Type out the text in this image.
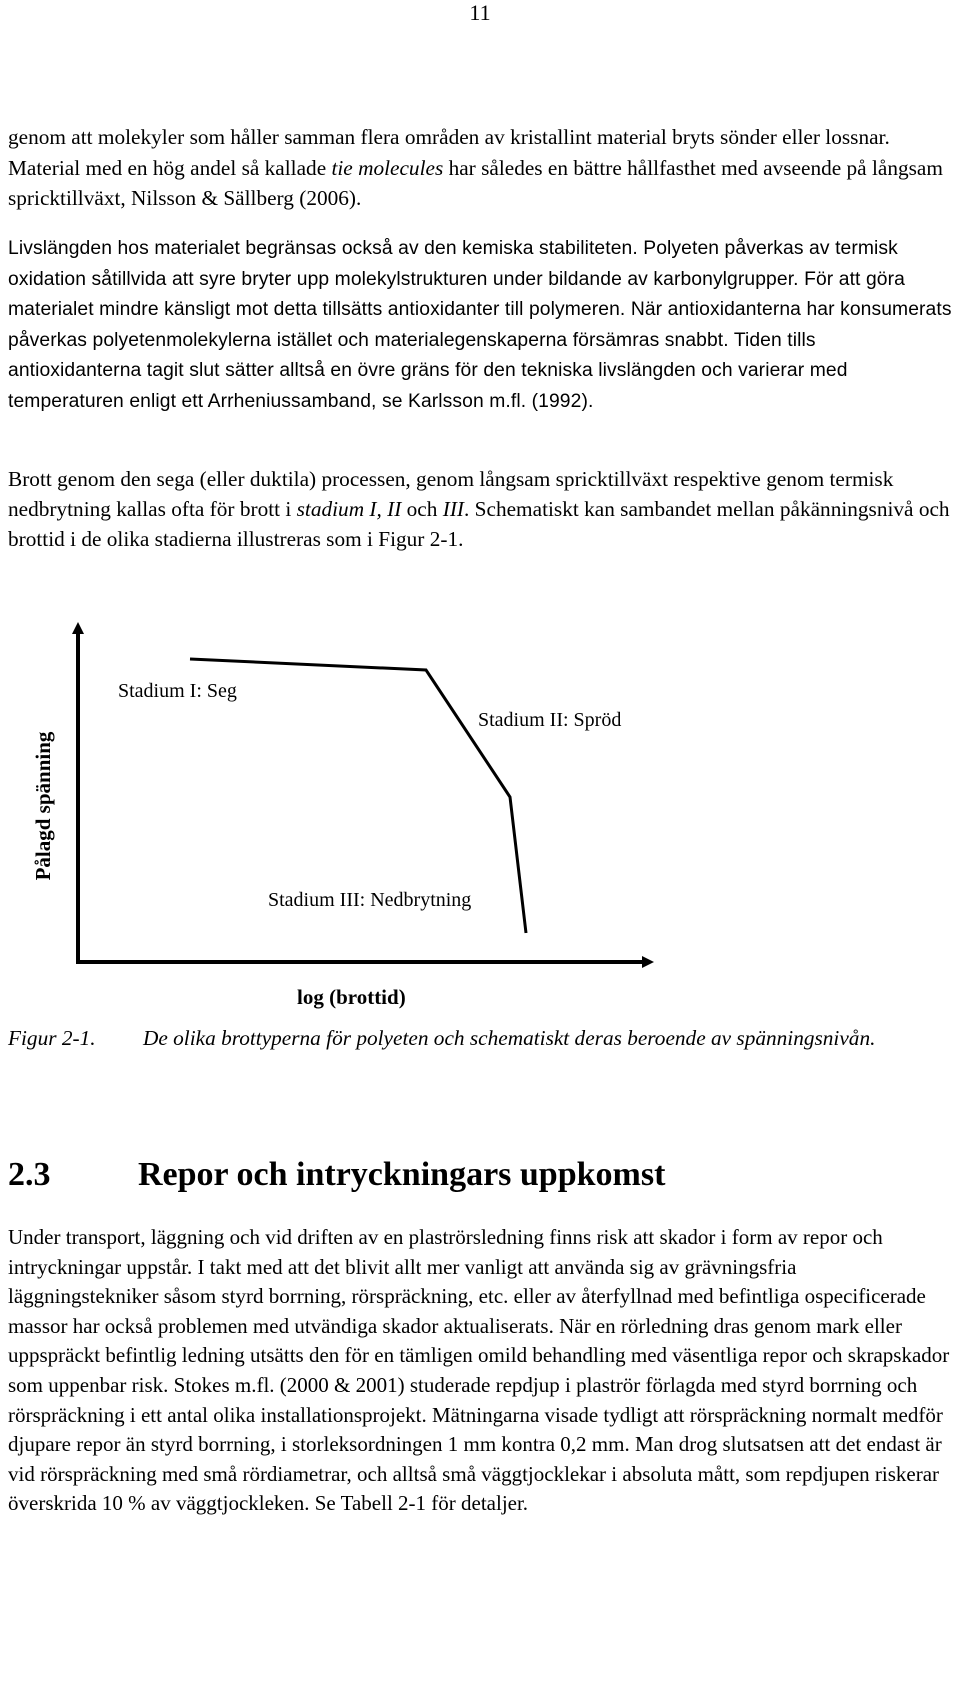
11

genom att molekyler som håller samman flera områden av kristallint material bryts sönder eller lossnar. Material med en hög andel så kallade tie molecules har således en bättre hållfasthet med avseende på långsam spricktillväxt, Nilsson & Sällberg (2006).

Livslängden hos materialet begränsas också av den kemiska stabiliteten. Polyeten påverkas av termisk oxidation såtillvida att syre bryter upp molekylstrukturen under bildande av karbonylgrupper. För att göra materialet mindre känsligt mot detta tillsätts antioxidanter till polymeren. När antioxidanterna har konsumerats påverkas polyetenmolekylerna istället och materialegenskaperna försämras snabbt. Tiden tills antioxidanterna tagit slut sätter alltså en övre gräns för den tekniska livslängden och varierar med temperaturen enligt ett Arrheniussamband, se Karlsson m.fl. (1992).

Brott genom den sega (eller duktila) processen, genom långsam spricktillväxt respektive genom termisk nedbrytning kallas ofta för brott i stadium I, II och III. Schematiskt kan sambandet mellan påkänningsnivå och brottid i de olika stadierna illustreras som i Figur 2-1.

Pålagd spänning
Stadium I: Seg
Stadium II: Spröd
Stadium III: Nedbrytning
log (brottid)
Figur 2-1. De olika brottyperna för polyeten och schematiskt deras beroende av spänningsnivån.
2.3	Repor och intryckningars uppkomst

Under transport, läggning och vid driften av en plaströrsledning finns risk att skador i form av repor och intryckningar uppstår. I takt med att det blivit allt mer vanligt att använda sig av grävningsfria läggningstekniker såsom styrd borrning, rörspräckning, etc. eller av återfyllnad med befintliga ospecificerade massor har också problemen med utvändiga skador aktualiserats. När en rörledning dras genom mark eller uppspräckt befintlig ledning utsätts den för en tämligen omild behandling med väsentliga repor och skrapskador som uppenbar risk. Stokes m.fl. (2000 & 2001) studerade repdjup i plaströr förlagda med styrd borrning och rörspräckning i ett antal olika installationsprojekt. Mätningarna visade tydligt att rörspräckning normalt medför djupare repor än styrd borrning, i storleksordningen 1 mm kontra 0,2 mm. Man drog slutsatsen att det endast är vid rörspräckning med små rördiametrar, och alltså små väggtjocklekar i absoluta mått, som repdjupen riskerar överskrida 10 % av väggtjockleken. Se Tabell 2-1 för detaljer.
